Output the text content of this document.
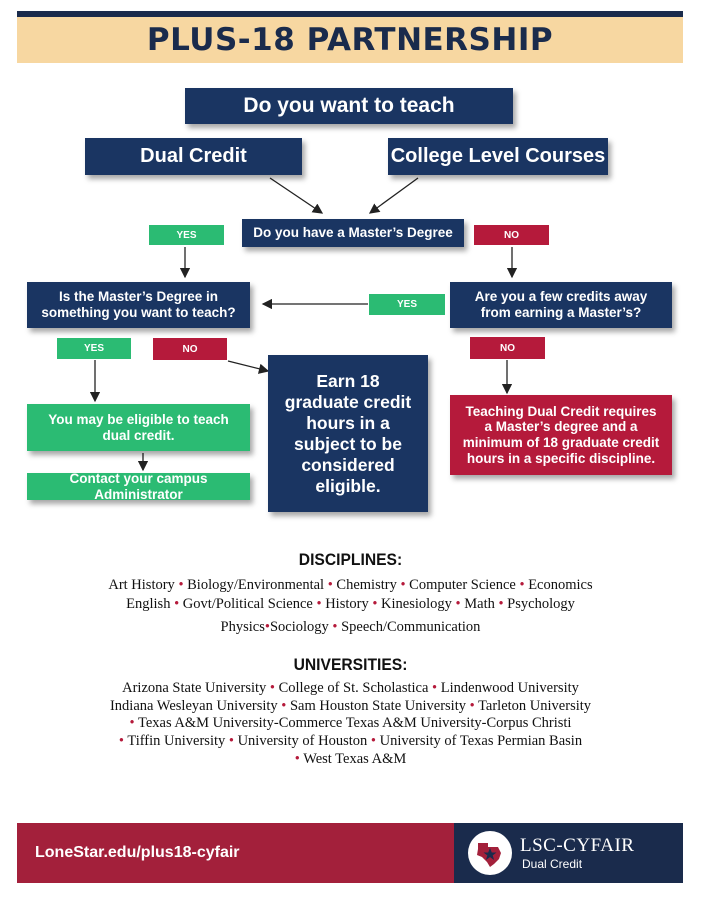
PLUS-18 PARTNERSHIP
Do you want to teach
Dual Credit	College Level Courses
Do you have a Master’s Degree
YES	NO
Is the Master’s Degree in something you want to teach?
YES
Are you a few credits away from earning a Master’s?
YES	NO	NO
Earn 18 graduate credit hours in a subject to be considered eligible.
You may be eligible to teach dual credit.
Contact your campus Administrator
Teaching Dual Credit requires a Master’s degree and a minimum of 18 graduate credit hours in a specific discipline.
DISCIPLINES:
Art History • Biology/Environmental • Chemistry • Computer Science • Economics
English • Govt/Political Science • History • Kinesiology • Math • Psychology
Physics•Sociology • Speech/Communication
UNIVERSITIES:
Arizona State University • College of St. Scholastica • Lindenwood University
Indiana Wesleyan University • Sam Houston State University • Tarleton University
• Texas A&M University-Commerce Texas A&M University-Corpus Christi
• Tiffin University • University of Houston • University of Texas Permian Basin
• West Texas A&M
LoneStar.edu/plus18-cyfair	LSC-CYFAIR
Dual Credit
